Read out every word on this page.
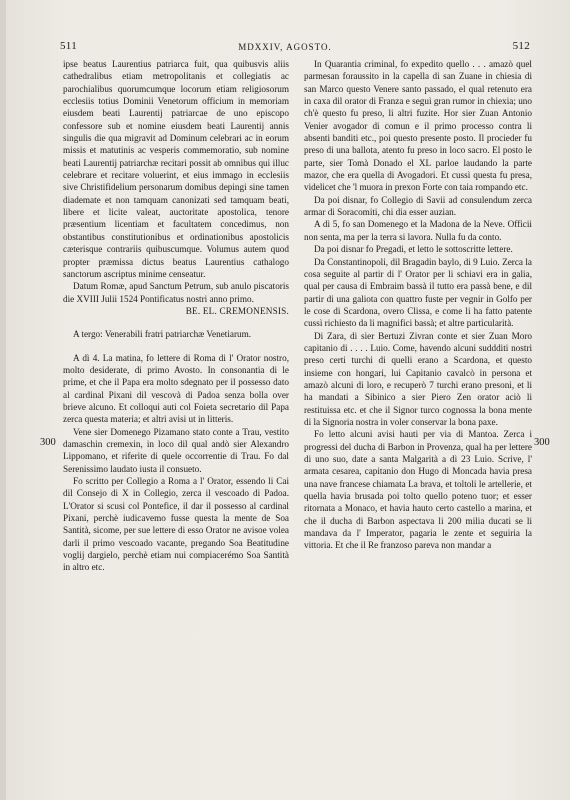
511	MDXXIV, AGOSTO.	512
300	300

ipse beatus Laurentius patriarca fuit, qua quibusvis aliis cathedralibus etiam metropolitanis et collegiatis ac parochialibus quorumcumque locorum etiam religiosorum ecclesiis totius Dominii Venetorum officium in memoriam eiusdem beati Laurentij patriarcae de uno episcopo confessore sub et nomine eiusdem beati Laurentij annis singulis die qua migravit ad Dominum celebrari ac in eorum missis et matutinis ac vesperis commemoratio, sub nomine beati Laurentij patriarchæ recitari possit ab omnibus qui illuc celebrare et recitare voluerint, et eius immago in ecclesiis sive Christifidelium personarum domibus depingi sine tamen diademate et non tamquam canonizati sed tamquam beati, libere et licite valeat, auctoritate apostolica, tenore præsentium licentiam et facultatem concedimus, non obstantibus constitutionibus et ordinationibus apostolicis cæterisque contrariis quibuscumque. Volumus autem quod propter præmissa dictus beatus Laurentius cathalogo sanctorum ascriptus minime censeatur.

Datum Romæ, apud Sanctum Petrum, sub anulo piscatoris die XVIII Julii 1524 Pontificatus nostri anno primo.

BE. EL. CREMONENSIS.

A tergo: Venerabili fratri patriarchæ Venetiarum.

A dì 4. La matina, fo lettere di Roma di l' Orator nostro, molto desiderate, di primo Avosto. In consonantia di le prime, et che il Papa era molto sdegnato per il possesso dato al cardinal Pixani dil vescovà di Padoa senza bolla over brieve alcuno. Et colloqui auti col Foieta secretario dil Papa zerca questa materia; et altri avisi ut in litteris.

Vene sier Domenego Pizamano stato conte a Trau, vestito damaschin cremexin, in loco dil qual andò sier Alexandro Lippomano, et riferite di quele occorrentie di Trau. Fo dal Serenissimo laudato iusta il consueto.

Fo scritto per Collegio a Roma a l' Orator, essendo li Cai dil Consejo di X in Collegio, zerca il vescoado di Padoa. L'Orator si scusi col Pontefice, il dar il possesso al cardinal Pixani, perchè iudicavemo fusse questa la mente de Soa Santità, sicome, per sue lettere di esso Orator ne avisoe volea darli il primo vescoado vacante, pregando Soa Beatitudine voglij dargielo, perchè etiam nui compiacerémo Soa Santità in altro etc.

In Quarantia criminal, fo expedito quello . . . amazò quel parmesan foraussito in la capella di san Zuane in chiesia di san Marco questo Venere santo passado, el qual retenuto era in caxa dil orator di Franza e seguì gran rumor in chiexia; uno ch'è questo fu preso, li altri fuzite. Hor sier Zuan Antonio Venier avogador di comun e il primo processo contra li absenti banditi etc., poi questo presente posto. Il procieder fu preso di una ballota, atento fu preso in loco sacro. El posto le parte, sier Tomà Donado el XL parloe laudando la parte mazor, che era quella di Avogadori. Et cussì questa fu presa, videlicet che 'l muora in prexon Forte con taia rompando etc.

Da poi disnar, fo Collegio di Savii ad consulendum zerca armar di Soracomiti, chi dia esser auzian.

A dì 5, fo san Domenego et la Madona de la Neve. Officii non senta, ma per la terra si lavora. Nulla fu da conto.

Da poi disnar fo Pregadi, et letto le sottoscritte lettere.

Da Constantinopoli, dil Bragadin baylo, di 9 Luio. Zerca la cosa seguite al partir di l' Orator per li schiavi era in galia, qual per causa di Embraim bassà il tutto era passà bene, e dil partir di una galiota con quattro fuste per vegnir in Golfo per le cose di Scardona, overo Clissa, e come li ha fatto patente cussì richiesto da li magnifici bassà; et altre particularità.

Di Zara, di sier Bertuzi Zivran conte et sier Zuan Moro capitanio di . . . . Luio. Come, havendo alcuni suddditi nostri preso certi turchi di quelli erano a Scardona, et questo insieme con hongari, lui Capitanio cavalcò in persona et amazò alcuni di loro, e recuperò 7 turchi erano presoni, et li ha mandati a Sibinico a sier Piero Zen orator aciò li restituissa etc. et che il Signor turco cognossa la bona mente di la Signoria nostra in voler conservar la bona paxe.

Fo letto alcuni avisi hauti per via di Mantoa. Zerca i progressi del ducha di Barbon in Provenza, qual ha per lettere di uno suo, date a santa Malgarità a dì 23 Luio. Scrive, l' armata cesarea, capitanio don Hugo di Moncada havia presa una nave francese chiamata La brava, et toltoli le artellerie, et quella havia brusada poi tolto quello poteno tuor; et esser ritornata a Monaco, et havia hauto certo castello a marina, et che il ducha di Barbon aspectava li 200 milia ducati se li mandava da l' Imperator, pagaria le zente et seguiria la vittoria. Et che il Re franzoso pareva non mandar a
